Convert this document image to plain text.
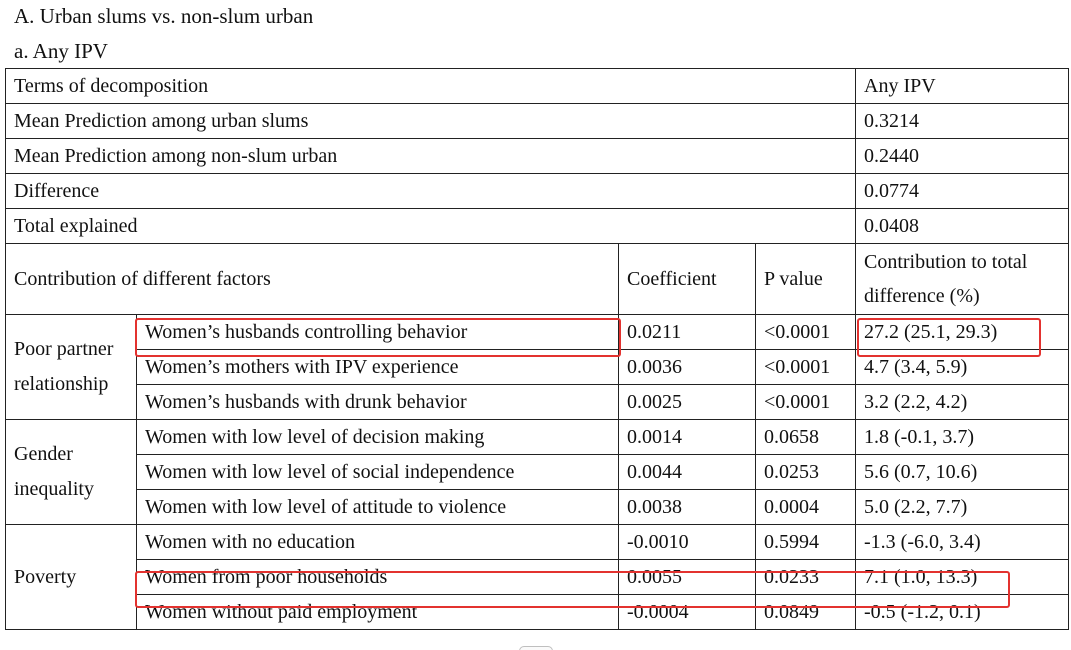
A. Urban slums vs. non-slum urban
a. Any IPV
Terms of decomposition				Any IPV
Mean Prediction among urban slums				0.3214
Mean Prediction among non-slum urban				0.2440
Difference				0.0774
Total explained				0.0408
Contribution of different factors		Coefficient	P value	Contribution to total difference (%)
Poor partner relationship	Women’s husbands controlling behavior	0.0211	<0.0001	27.2 (25.1, 29.3)
	Women’s mothers with IPV experience	0.0036	<0.0001	4.7 (3.4, 5.9)
	Women’s husbands with drunk behavior	0.0025	<0.0001	3.2 (2.2, 4.2)
Gender inequality	Women with low level of decision making	0.0014	0.0658	1.8 (-0.1, 3.7)
	Women with low level of social independence	0.0044	0.0253	5.6 (0.7, 10.6)
	Women with low level of attitude to violence	0.0038	0.0004	5.0 (2.2, 7.7)
Poverty	Women with no education	-0.0010	0.5994	-1.3 (-6.0, 3.4)
	Women from poor households	0.0055	0.0233	7.1 (1.0, 13.3)
	Women without paid employment	-0.0004	0.0849	-0.5 (-1.2, 0.1)
